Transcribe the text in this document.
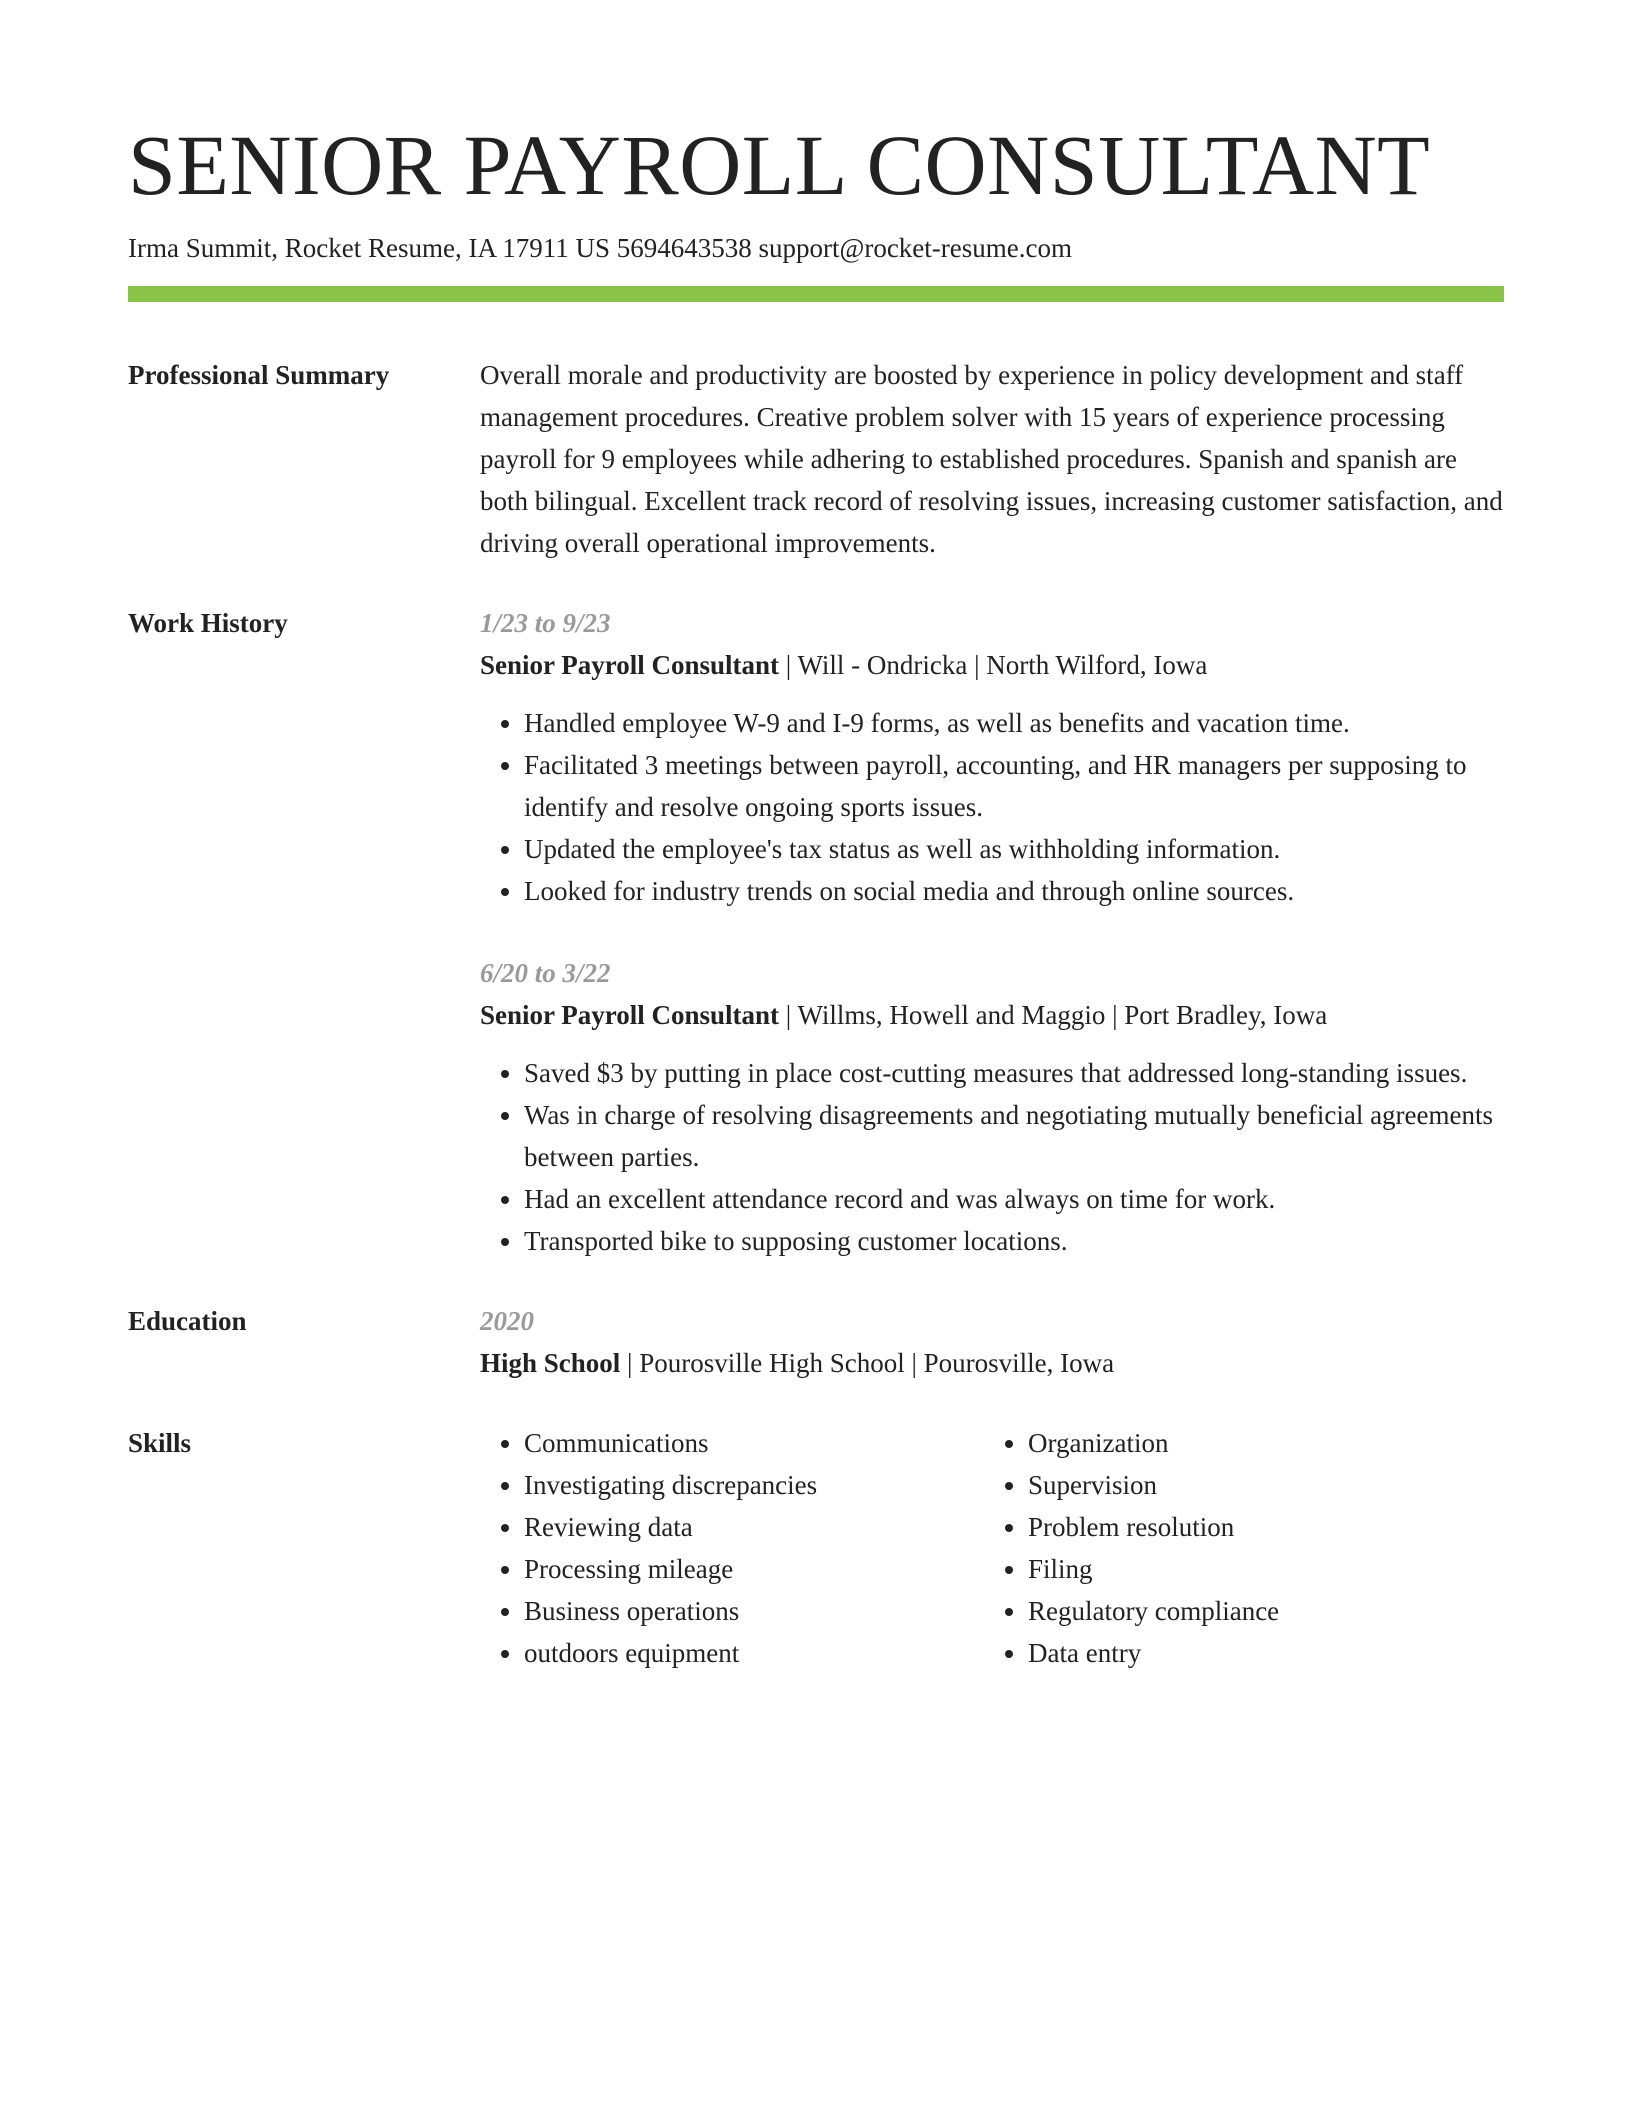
SENIOR PAYROLL CONSULTANT
Irma Summit, Rocket Resume, IA 17911 US 5694643538 support@rocket-resume.com
Professional Summary	Overall morale and productivity are boosted by experience in policy development and staff management procedures. Creative problem solver with 15 years of experience processing payroll for 9 employees while adhering to established procedures. Spanish and spanish are both bilingual. Excellent track record of resolving issues, increasing customer satisfaction, and driving overall operational improvements.

Work History	1/23 to 9/23

Senior Payroll Consultant | Will - Ondricka | North Wilford, Iowa

• Handled employee W-9 and I-9 forms, as well as benefits and vacation time.
• Facilitated 3 meetings between payroll, accounting, and HR managers per supposing to identify and resolve ongoing sports issues.
• Updated the employee's tax status as well as withholding information.
• Looked for industry trends on social media and through online sources.
6/20 to 3/22

Senior Payroll Consultant | Willms, Howell and Maggio | Port Bradley, Iowa

• Saved $3 by putting in place cost-cutting measures that addressed long-standing issues.
• Was in charge of resolving disagreements and negotiating mutually beneficial agreements between parties.
• Had an excellent attendance record and was always on time for work.
• Transported bike to supposing customer locations.
Education	2020

High School | Pourosville High School | Pourosville, Iowa

Skills
•	Communications
• Investigating discrepancies
• Reviewing data
• Processing mileage
• Business operations
• outdoors equipment
• Organization
• Supervision
• Problem resolution
• Filing
• Regulatory compliance
• Data entry
